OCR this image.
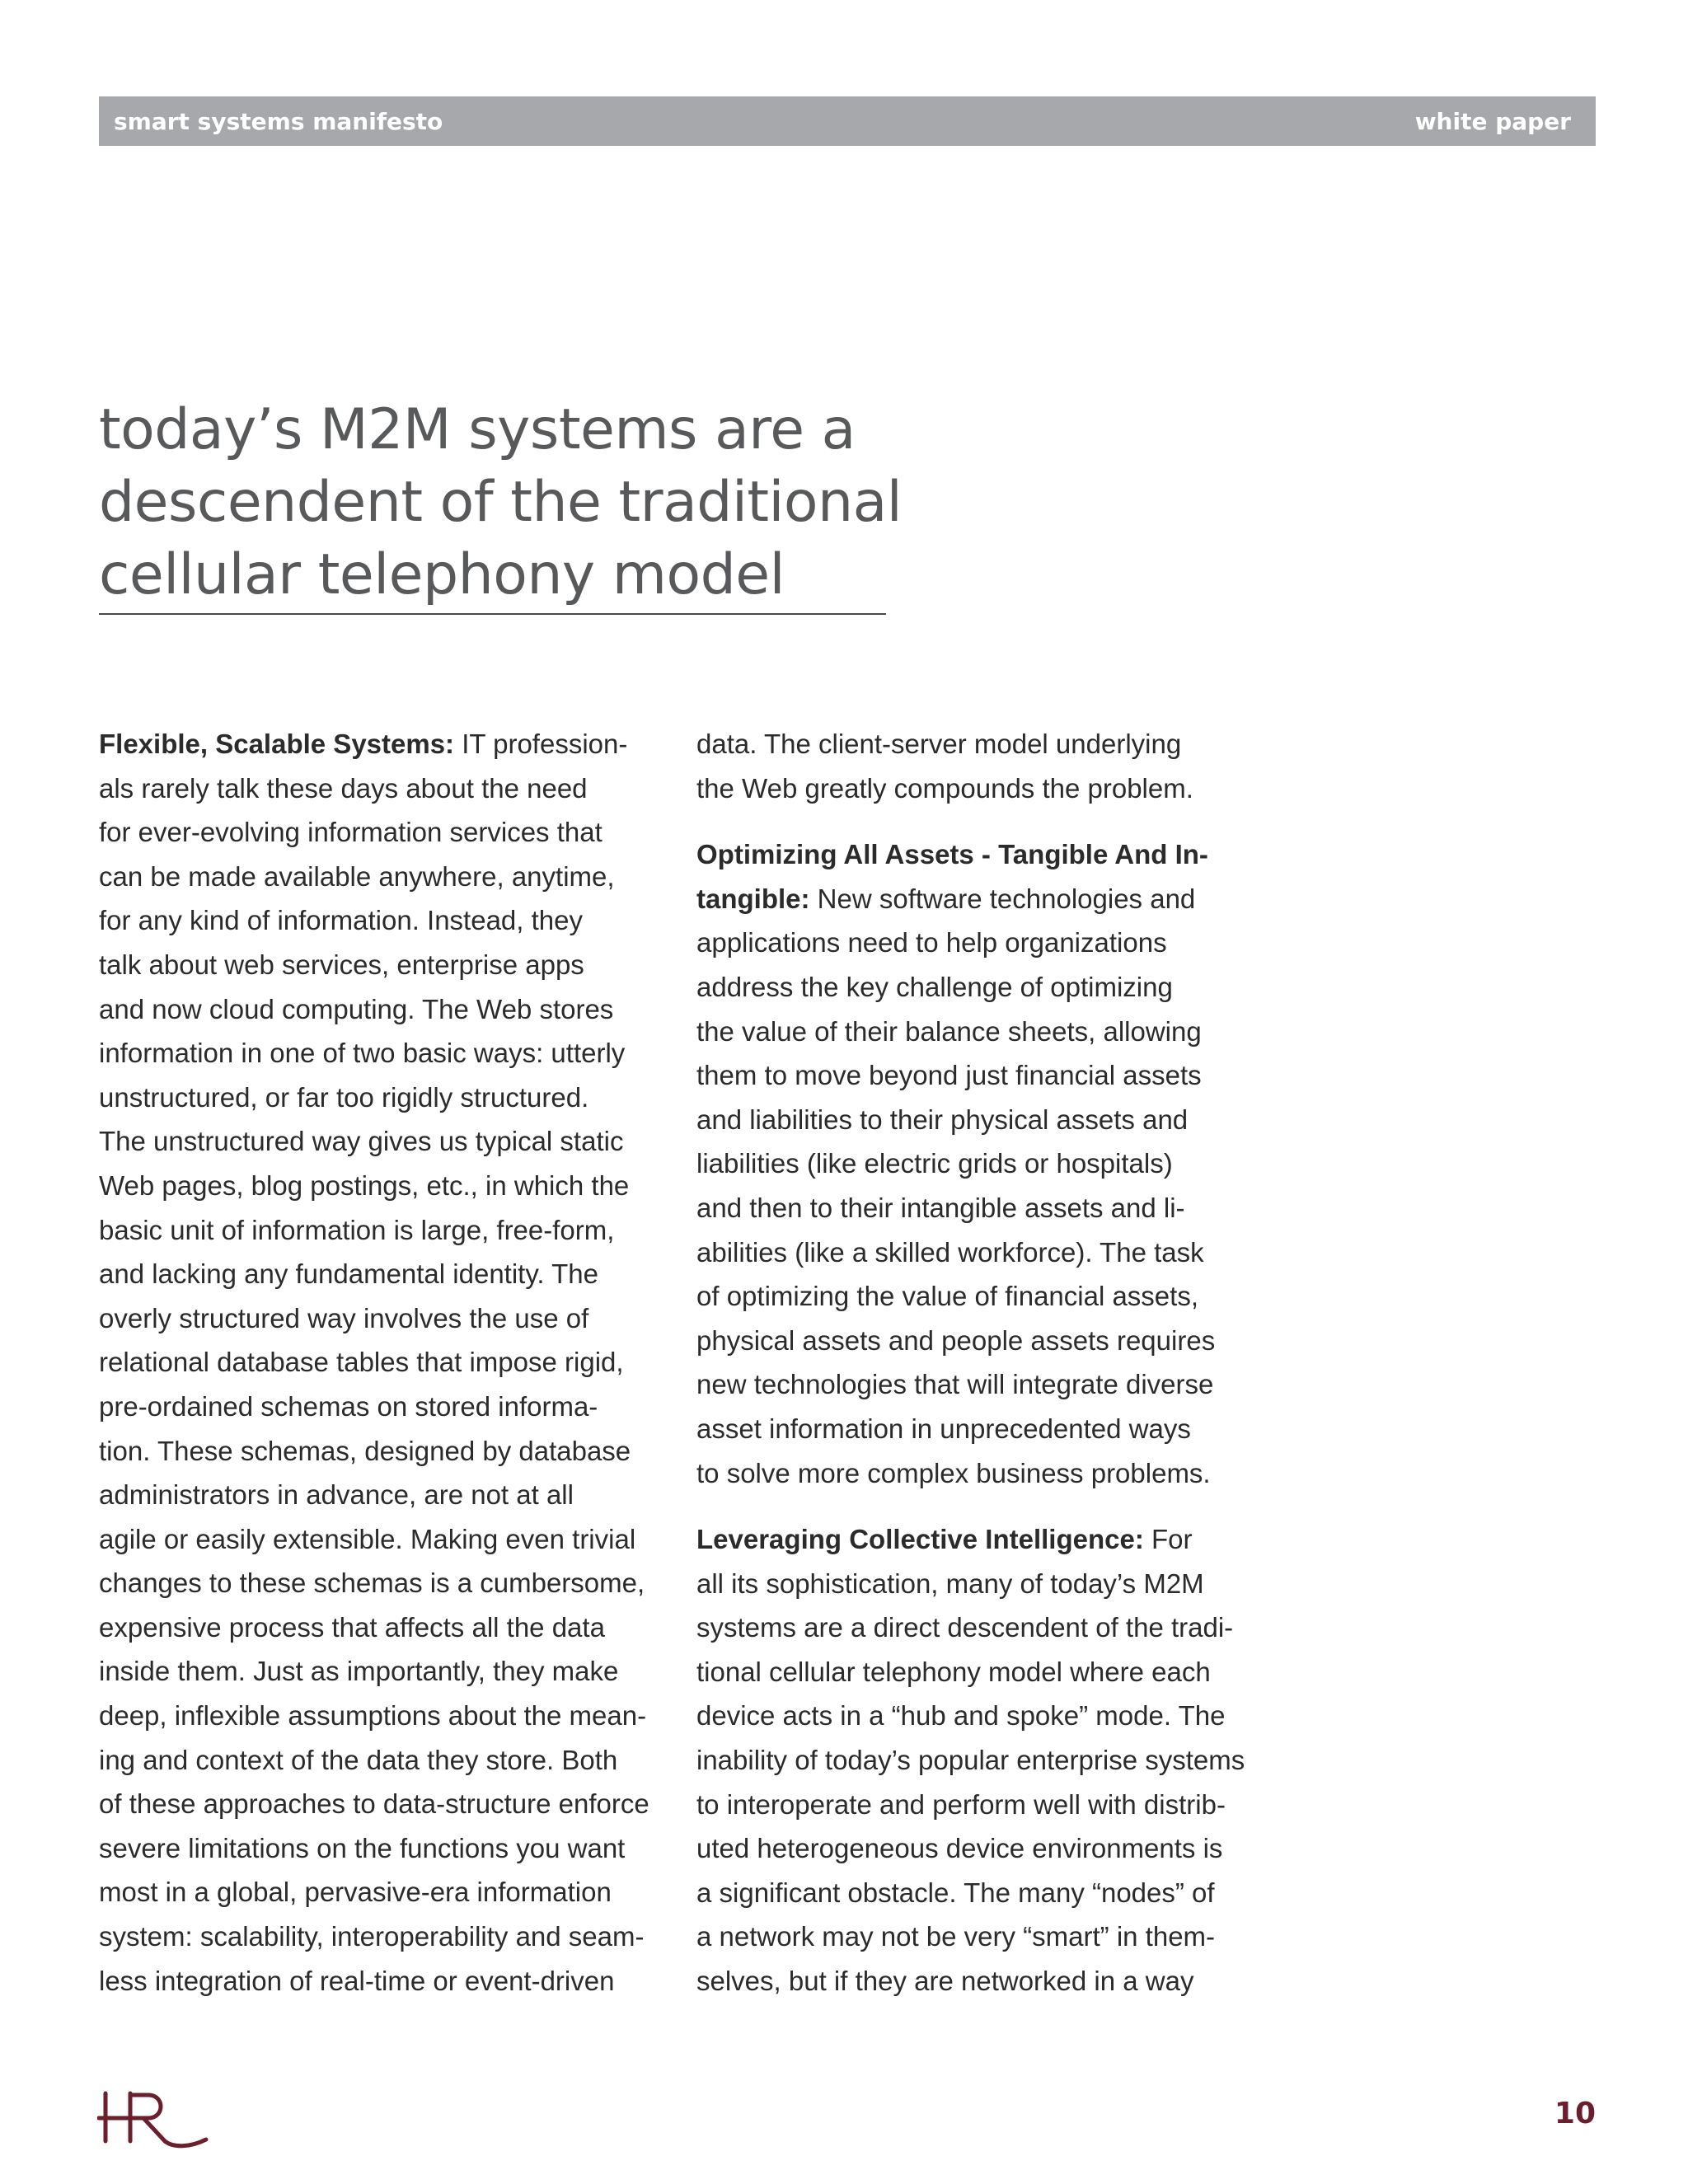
smart systems manifesto	white paper
today’s M2M systems are a
descendent of the traditional
cellular telephony model
Flexible, Scalable Systems: IT profession-
als rarely talk these days about the need
for ever-evolving information services that
can be made available anywhere, anytime,
for any kind of information. Instead, they
talk about web services, enterprise apps
and now cloud computing. The Web stores
information in one of two basic ways: utterly
unstructured, or far too rigidly structured.
The unstructured way gives us typical static
Web pages, blog postings, etc., in which the
basic unit of information is large, free-form,
and lacking any fundamental identity. The
overly structured way involves the use of
relational database tables that impose rigid,
pre-ordained schemas on stored informa-
tion. These schemas, designed by database
administrators in advance, are not at all
agile or easily extensible. Making even trivial
changes to these schemas is a cumbersome,
expensive process that affects all the data
inside them. Just as importantly, they make
deep, inflexible assumptions about the mean-
ing and context of the data they store. Both
of these approaches to data-structure enforce
severe limitations on the functions you want
most in a global, pervasive-era information
system: scalability, interoperability and seam-
less integration of real-time or event-driven
data. The client-server model underlying
the Web greatly compounds the problem.
Optimizing All Assets - Tangible And In-
tangible: New software technologies and
applications need to help organizations
address the key challenge of optimizing
the value of their balance sheets, allowing
them to move beyond just financial assets
and liabilities to their physical assets and
liabilities (like electric grids or hospitals)
and then to their intangible assets and li-
abilities (like a skilled workforce). The task
of optimizing the value of financial assets,
physical assets and people assets requires
new technologies that will integrate diverse
asset information in unprecedented ways
to solve more complex business problems.
Leveraging Collective Intelligence: For
all its sophistication, many of today’s M2M
systems are a direct descendent of the tradi-
tional cellular telephony model where each
device acts in a “hub and spoke” mode. The
inability of today’s popular enterprise systems
to interoperate and perform well with distrib-
uted heterogeneous device environments is
a significant obstacle. The many “nodes” of
a network may not be very “smart” in them-
selves, but if they are networked in a way
10
